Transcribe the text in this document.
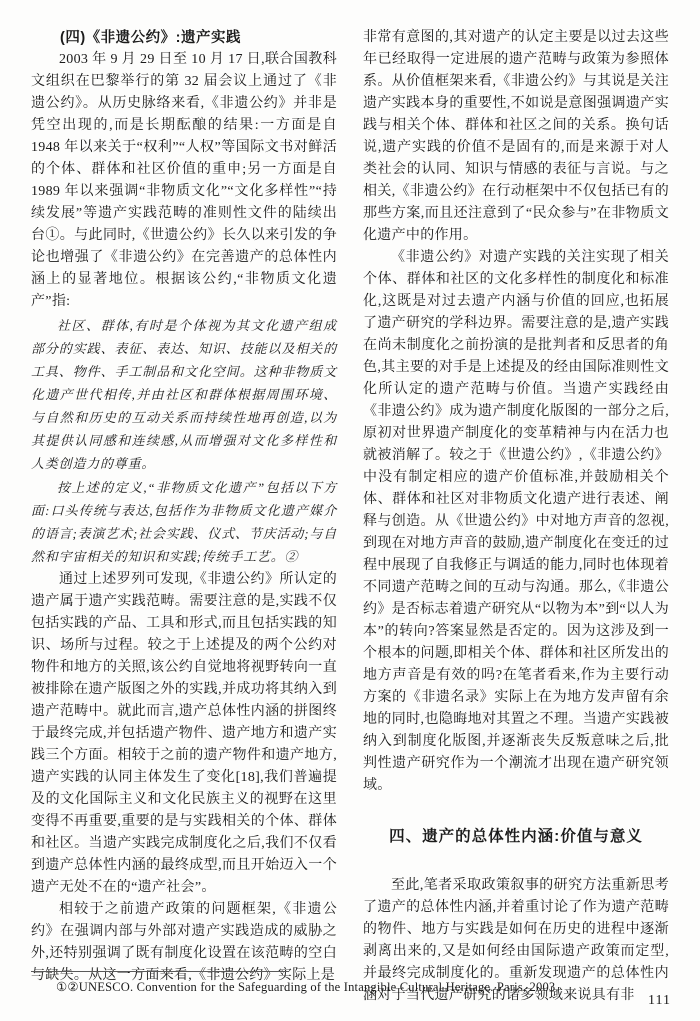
(四)《非遗公约》:遗产实践

2003 年 9 月 29 日至 10 月 17 日,联合国教科文组织在巴黎举行的第 32 届会议上通过了《非遗公约》。从历史脉络来看,《非遗公约》并非是凭空出现的,而是长期酝酿的结果:一方面是自 1948 年以来关于“权利”“人权”等国际文书对鲜活的个体、群体和社区价值的重申;另一方面是自 1989 年以来强调“非物质文化”“文化多样性”“持续发展”等遗产实践范畴的准则性文件的陆续出台①。与此同时,《世遗公约》长久以来引发的争论也增强了《非遗公约》在完善遗产的总体性内涵上的显著地位。根据该公约,“非物质文化遗产”指:

社区、群体,有时是个体视为其文化遗产组成部分的实践、表征、表达、知识、技能以及相关的工具、物件、手工制品和文化空间。这种非物质文化遗产世代相传,并由社区和群体根据周围环境、与自然和历史的互动关系而持续性地再创造,以为其提供认同感和连续感,从而增强对文化多样性和人类创造力的尊重。

按上述的定义,“非物质文化遗产”包括以下方面:口头传统与表达,包括作为非物质文化遗产媒介的语言;表演艺术;社会实践、仪式、节庆活动;与自然和宇宙相关的知识和实践;传统手工艺。②

通过上述罗列可发现,《非遗公约》所认定的遗产属于遗产实践范畴。需要注意的是,实践不仅包括实践的产品、工具和形式,而且包括实践的知识、场所与过程。较之于上述提及的两个公约对物件和地方的关照,该公约自觉地将视野转向一直被排除在遗产版图之外的实践,并成功将其纳入到遗产范畴中。就此而言,遗产总体性内涵的拼图终于最终完成,并包括遗产物件、遗产地方和遗产实践三个方面。相较于之前的遗产物件和遗产地方,遗产实践的认同主体发生了变化[18],我们普遍提及的文化国际主义和文化民族主义的视野在这里变得不再重要,重要的是与实践相关的个体、群体和社区。当遗产实践完成制度化之后,我们不仅看到遗产总体性内涵的最终成型,而且开始迈入一个遗产无处不在的“遗产社会”。

相较于之前遗产政策的问题框架,《非遗公约》在强调内部与外部对遗产实践造成的威胁之外,还特别强调了既有制度化设置在该范畴的空白与缺失。从这一方面来看,《非遗公约》实际上是

非常有意图的,其对遗产的认定主要是以过去这些年已经取得一定进展的遗产范畴与政策为参照体系。从价值框架来看,《非遗公约》与其说是关注遗产实践本身的重要性,不如说是意图强调遗产实践与相关个体、群体和社区之间的关系。换句话说,遗产实践的价值不是固有的,而是来源于对人类社会的认同、知识与情感的表征与言说。与之相关,《非遗公约》在行动框架中不仅包括已有的那些方案,而且还注意到了“民众参与”在非物质文化遗产中的作用。

《非遗公约》对遗产实践的关注实现了相关个体、群体和社区的文化多样性的制度化和标准化,这既是对过去遗产内涵与价值的回应,也拓展了遗产研究的学科边界。需要注意的是,遗产实践在尚未制度化之前扮演的是批判者和反思者的角色,其主要的对手是上述提及的经由国际准则性文化所认定的遗产范畴与价值。当遗产实践经由《非遗公约》成为遗产制度化版图的一部分之后,原初对世界遗产制度化的变革精神与内在活力也就被消解了。较之于《世遗公约》,《非遗公约》中没有制定相应的遗产价值标准,并鼓励相关个体、群体和社区对非物质文化遗产进行表述、阐释与创造。从《世遗公约》中对地方声音的忽视,到现在对地方声音的鼓励,遗产制度化在变迁的过程中展现了自我修正与调适的能力,同时也体现着不同遗产范畴之间的互动与沟通。那么,《非遗公约》是否标志着遗产研究从“以物为本”到“以人为本”的转向?答案显然是否定的。因为这涉及到一个根本的问题,即相关个体、群体和社区所发出的地方声音是有效的吗?在笔者看来,作为主要行动方案的《非遗名录》实际上在为地方发声留有余地的同时,也隐晦地对其置之不理。当遗产实践被纳入到制度化版图,并逐渐丧失反叛意味之后,批判性遗产研究作为一个潮流才出现在遗产研究领域。

四、遗产的总体性内涵:价值与意义

至此,笔者采取政策叙事的研究方法重新思考了遗产的总体性内涵,并着重讨论了作为遗产范畴的物件、地方与实践是如何在历史的进程中逐渐剥离出来的,又是如何经由国际遗产政策而定型,并最终完成制度化的。重新发现遗产的总体性内涵对于当代遗产研究的诸多领域来说具有非

①②UNESCO. Convention for the Safeguarding of the Intangible Cultural Heritage. Paris, 2003.

111
